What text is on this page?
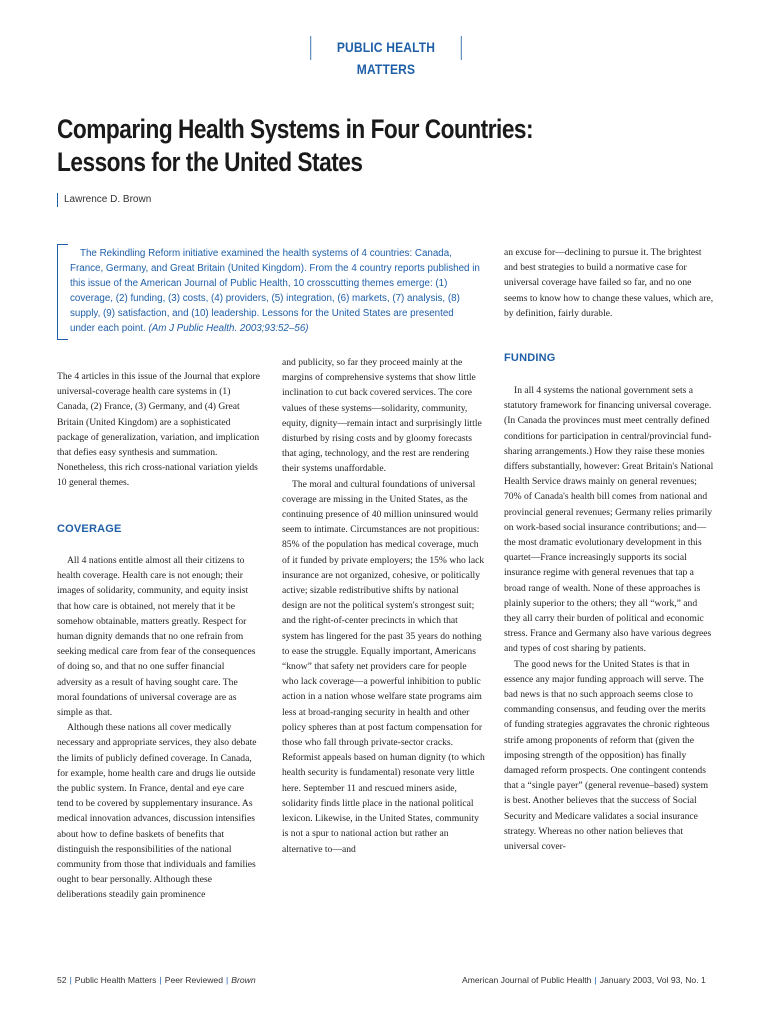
PUBLIC HEALTH MATTERS
Comparing Health Systems in Four Countries: Lessons for the United States
Lawrence D. Brown
The Rekindling Reform initiative examined the health systems of 4 countries: Canada, France, Germany, and Great Britain (United Kingdom). From the 4 country reports published in this issue of the American Journal of Public Health, 10 crosscutting themes emerge: (1) coverage, (2) funding, (3) costs, (4) providers, (5) integration, (6) markets, (7) analysis, (8) supply, (9) satisfaction, and (10) leadership. Lessons for the United States are presented under each point. (Am J Public Health. 2003;93:52–56)

The 4 articles in this issue of the Journal that explore universal-coverage health care systems in (1) Canada, (2) France, (3) Germany, and (4) Great Britain (United Kingdom) are a sophisticated package of generalization, variation, and implication that defies easy synthesis and summation. Nonetheless, this rich cross-national variation yields 10 general themes.

COVERAGE

All 4 nations entitle almost all their citizens to health coverage. Health care is not enough; their images of solidarity, community, and equity insist that how care is obtained, not merely that it be somehow obtainable, matters greatly. Respect for human dignity demands that no one refrain from seeking medical care from fear of the consequences of doing so, and that no one suffer financial adversity as a result of having sought care. The moral foundations of universal coverage are as simple as that.

Although these nations all cover medically necessary and appropriate services, they also debate the limits of publicly defined coverage. In Canada, for example, home health care and drugs lie outside the public system. In France, dental and eye care tend to be covered by supplementary insurance. As medical innovation advances, discussion intensifies about how to define baskets of benefits that distinguish the responsibilities of the national community from those that individuals and families ought to bear personally. Although these deliberations steadily gain prominence

and publicity, so far they proceed mainly at the margins of comprehensive systems that show little inclination to cut back covered services. The core values of these systems—solidarity, community, equity, dignity—remain intact and surprisingly little disturbed by rising costs and by gloomy forecasts that aging, technology, and the rest are rendering their systems unaffordable.

The moral and cultural foundations of universal coverage are missing in the United States, as the continuing presence of 40 million uninsured would seem to intimate. Circumstances are not propitious: 85% of the population has medical coverage, much of it funded by private employers; the 15% who lack insurance are not organized, cohesive, or politically active; sizable redistributive shifts by national design are not the political system's strongest suit; and the right-of-center precincts in which that system has lingered for the past 35 years do nothing to ease the struggle. Equally important, Americans “know” that safety net providers care for people who lack coverage—a powerful inhibition to public action in a nation whose welfare state programs aim less at broad-ranging security in health and other policy spheres than at post factum compensation for those who fall through private-sector cracks. Reformist appeals based on human dignity (to which health security is fundamental) resonate very little here. September 11 and rescued miners aside, solidarity finds little place in the national political lexicon. Likewise, in the United States, community is not a spur to national action but rather an alternative to—and

an excuse for—declining to pursue it. The brightest and best strategies to build a normative case for universal coverage have failed so far, and no one seems to know how to change these values, which are, by definition, fairly durable.

FUNDING

In all 4 systems the national government sets a statutory framework for financing universal coverage. (In Canada the provinces must meet centrally defined conditions for participation in central/provincial fund-sharing arrangements.) How they raise these monies differs substantially, however: Great Britain's National Health Service draws mainly on general revenues; 70% of Canada's health bill comes from national and provincial general revenues; Germany relies primarily on work-based social insurance contributions; and—the most dramatic evolutionary development in this quartet—France increasingly supports its social insurance regime with general revenues that tap a broad range of wealth. None of these approaches is plainly superior to the others; they all “work,” and they all carry their burden of political and economic stress. France and Germany also have various degrees and types of cost sharing by patients.

The good news for the United States is that in essence any major funding approach will serve. The bad news is that no such approach seems close to commanding consensus, and feuding over the merits of funding strategies aggravates the chronic righteous strife among proponents of reform that (given the imposing strength of the opposition) has finally damaged reform prospects. One contingent contends that a “single payer” (general revenue–based) system is best. Another believes that the success of Social Security and Medicare validates a social insurance strategy. Whereas no other nation believes that universal cover-

52 | Public Health Matters | Peer Reviewed | Brown	American Journal of Public Health | January 2003, Vol 93, No. 1
